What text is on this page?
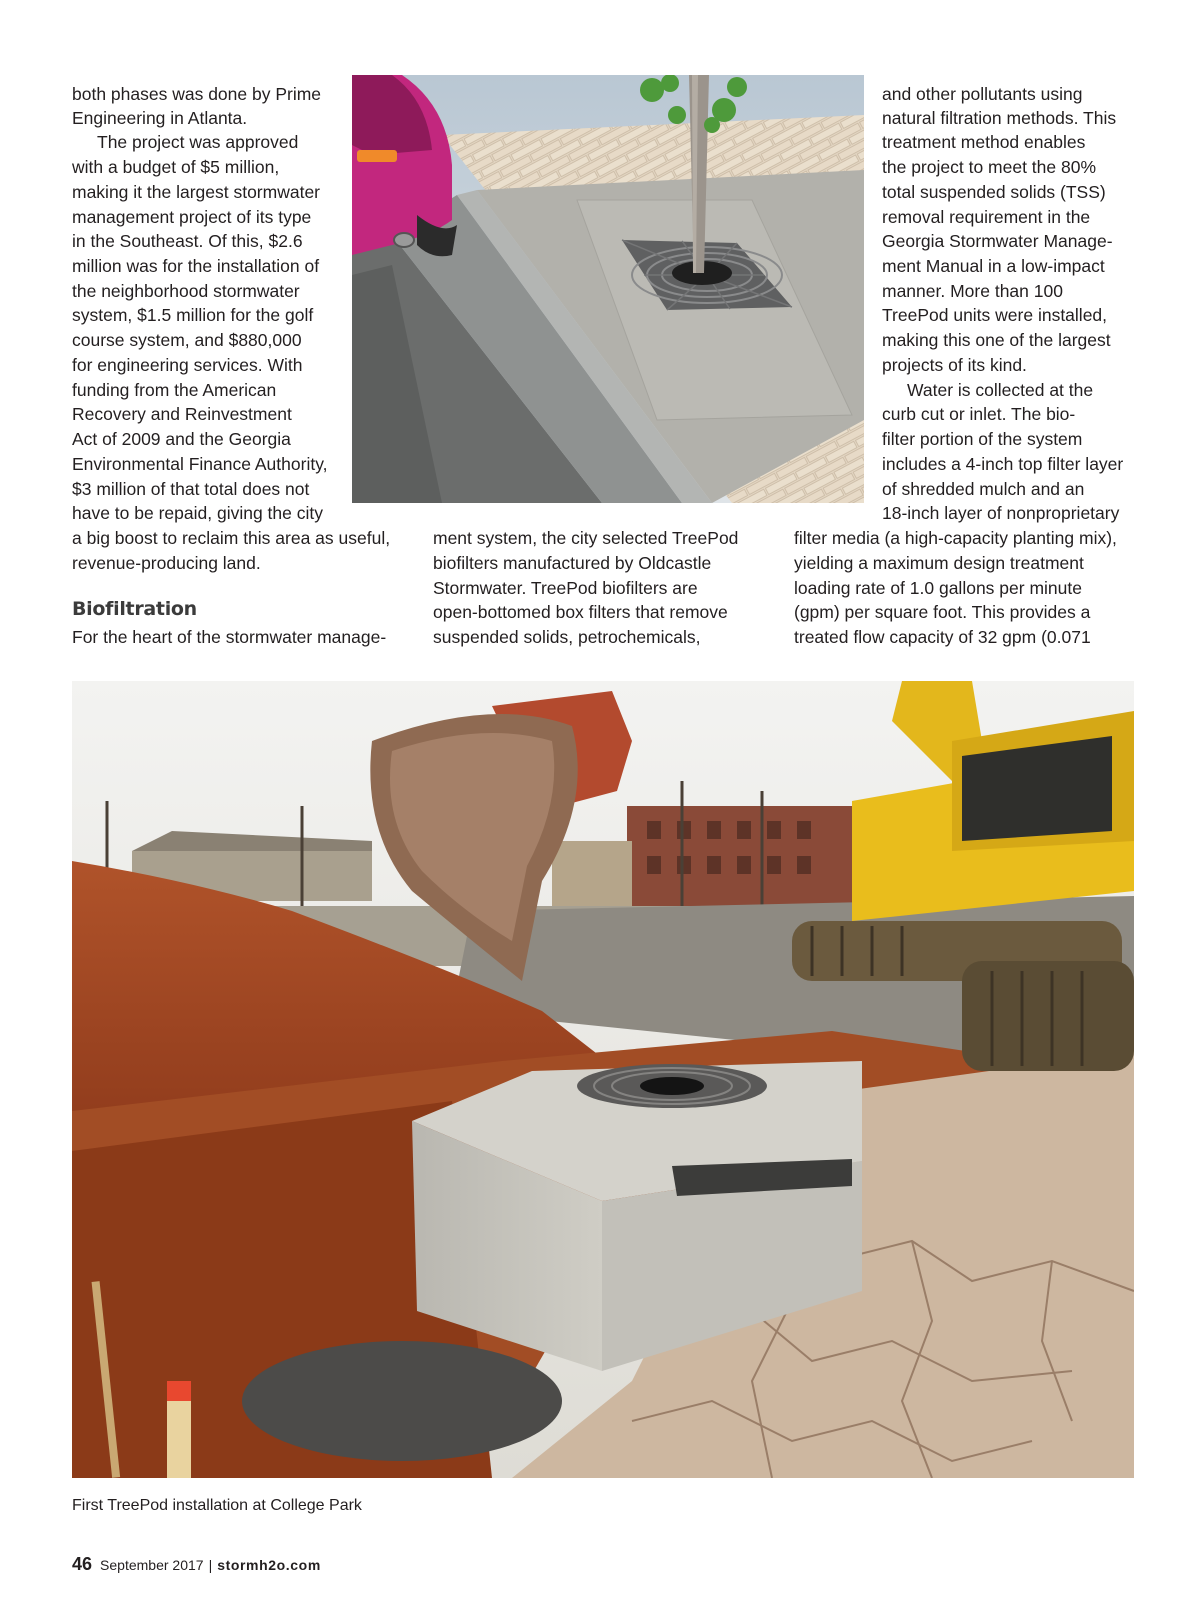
both phases was done by Prime
Engineering in Atlanta.
The project was approved
with a budget of $5 million,
making it the largest stormwater
management project of its type
in the Southeast. Of this, $2.6
million was for the installation of
the neighborhood stormwater
system, $1.5 million for the golf
course system, and $880,000
for engineering services. With
funding from the American
Recovery and Reinvestment
Act of 2009 and the Georgia
Environmental Finance Authority,
$3 million of that total does not
have to be repaid, giving the city
a big boost to reclaim this area as useful,
revenue-producing land.
Biofiltration
For the heart of the stormwater manage-
ment system, the city selected TreePod
biofilters manufactured by Oldcastle
Stormwater. TreePod biofilters are
open-bottomed box filters that remove
suspended solids, petrochemicals,
and other pollutants using
natural filtration methods. This
treatment method enables
the project to meet the 80%
total suspended solids (TSS)
removal requirement in the
Georgia Stormwater Manage-
ment Manual in a low-impact
manner. More than 100
TreePod units were installed,
making this one of the largest
projects of its kind.
Water is collected at the
curb cut or inlet. The bio-
filter portion of the system
includes a 4-inch top filter layer
of shredded mulch and an
18-inch layer of nonproprietary
filter media (a high-capacity planting mix),
yielding a maximum design treatment
loading rate of 1.0 gallons per minute
(gpm) per square foot. This provides a
treated flow capacity of 32 gpm (0.071
First TreePod installation at College Park
46 September 2017 | stormh2o.com
